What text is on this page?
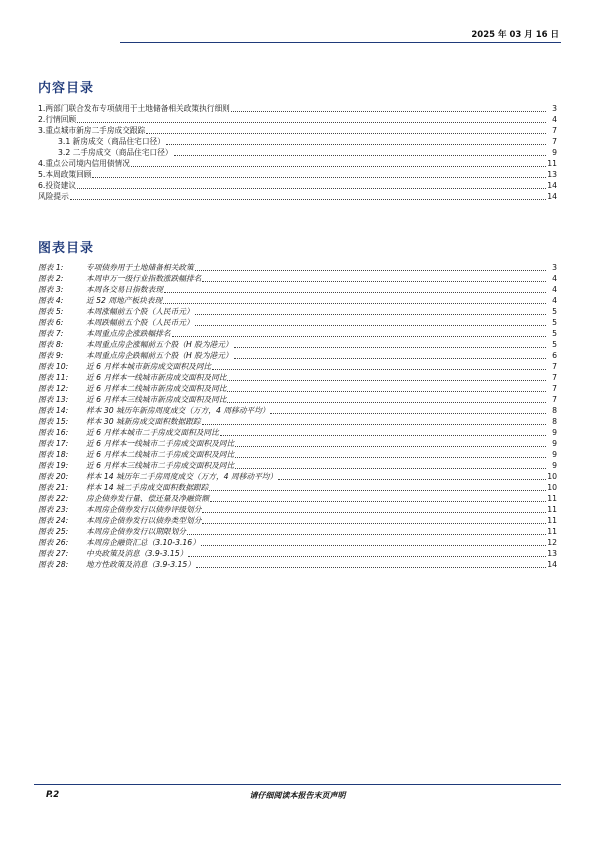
2025 年 03 月 16 日
内容目录
1.两部门联合发布专项债用于土地储备相关政策执行细则	3
2.行情回顾	4
3.重点城市新房二手房成交跟踪	7
3.1 新房成交（商品住宅口径）	7
3.2 二手房成交（商品住宅口径）	9
4.重点公司境内信用债情况	11
5.本周政策回顾	13
6.投资建议	14
风险提示	14
图表目录
图表 1:	专项债券用于土地储备相关政策	3
图表 2:	本周申万一级行业指数涨跌幅排名	4
图表 3:	本周各交易日指数表现	4
图表 4:	近 52 周地产板块表现	4
图表 5:	本周涨幅前五个股（人民币元）	5
图表 6:	本周跌幅前五个股（人民币元）	5
图表 7:	本周重点房企涨跌幅排名	5
图表 8:	本周重点房企涨幅前五个股（H 股为港元）	5
图表 9:	本周重点房企跌幅前五个股（H 股为港元）	6
图表 10: 近 6 月样本城市新房成交面积及同比	7
图表 11: 近 6 月样本一线城市新房成交面积及同比	7
图表 12: 近 6 月样本二线城市新房成交面积及同比	7
图表 13: 近 6 月样本三线城市新房成交面积及同比	7
图表 14: 样本 30 城历年新房周度成交（万方，4 周移动平均）	8
图表 15: 样本 30 城新房成交面积数据跟踪	8
图表 16: 近 6 月样本城市二手房成交面积及同比	9
图表 17: 近 6 月样本一线城市二手房成交面积及同比	9
图表 18: 近 6 月样本二线城市二手房成交面积及同比	9
图表 19: 近 6 月样本三线城市二手房成交面积及同比	9
图表 20: 样本 14 城历年二手房周度成交（万方，4 周移动平均）	10
图表 21: 样本 14 城二手房成交面积数据跟踪	10
图表 22: 房企债券发行量、偿还量及净融资额	11
图表 23: 本周房企债券发行以债券评级划分	11
图表 24: 本周房企债券发行以债券类型划分	11
图表 25: 本周房企债券发行以期限划分	11
图表 26: 本周房企融资汇总（3.10-3.16）	12
图表 27: 中央政策及消息（3.9-3.15）	13
图表 28: 地方性政策及消息（3.9-3.15）	14
P.2	请仔细阅读本报告末页声明
